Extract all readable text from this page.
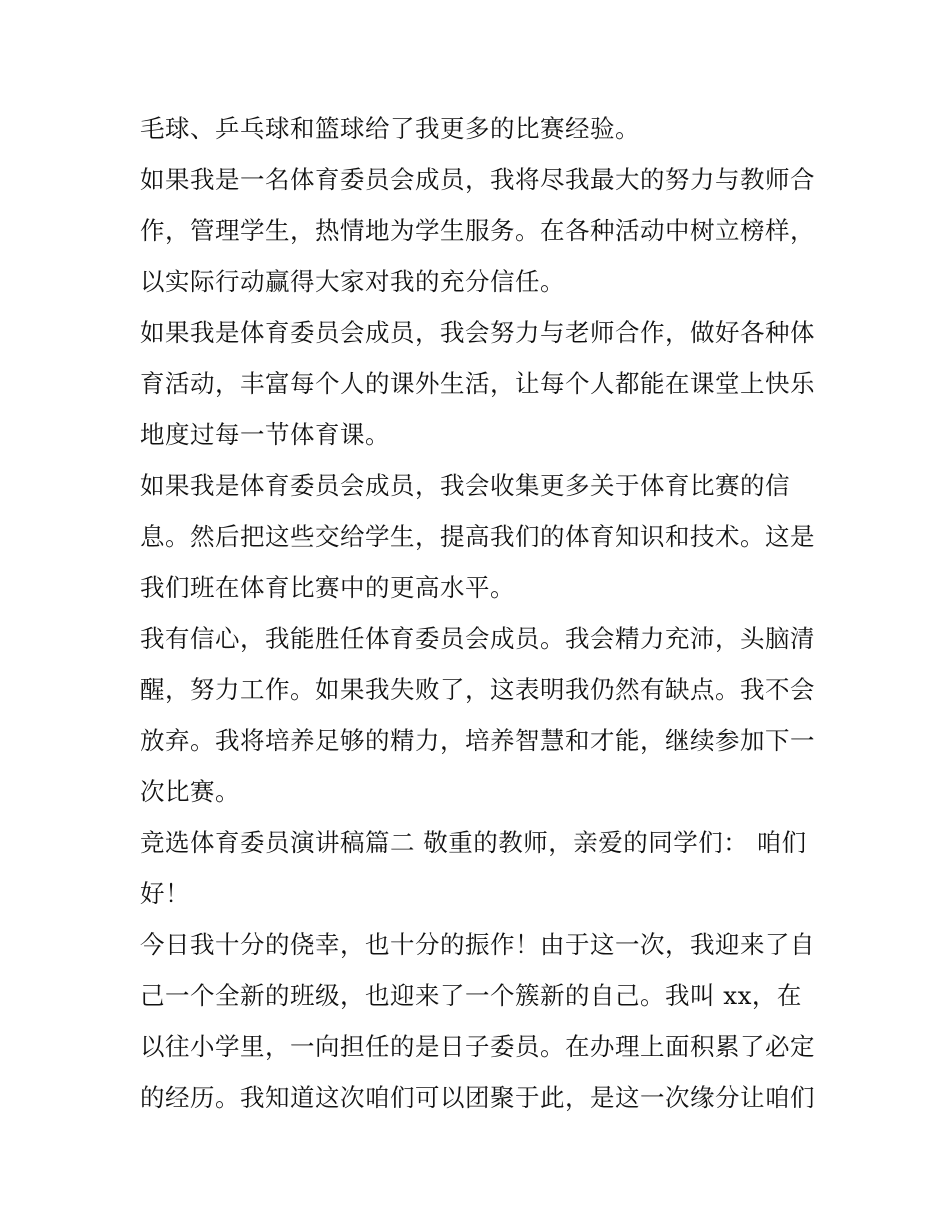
毛球、乒乓球和篮球给了我更多的比赛经验。
如果我是一名体育委员会成员，我将尽我最大的努力与教师合
作，管理学生，热情地为学生服务。在各种活动中树立榜样，
以实际行动赢得大家对我的充分信任。
如果我是体育委员会成员，我会努力与老师合作，做好各种体
育活动，丰富每个人的课外生活，让每个人都能在课堂上快乐
地度过每一节体育课。
如果我是体育委员会成员，我会收集更多关于体育比赛的信
息。然后把这些交给学生，提高我们的体育知识和技术。这是
我们班在体育比赛中的更高水平。
我有信心，我能胜任体育委员会成员。我会精力充沛，头脑清
醒，努力工作。如果我失败了，这表明我仍然有缺点。我不会
放弃。我将培养足够的精力，培养智慧和才能，继续参加下一
次比赛。
竞选体育委员演讲稿篇二 敬重的教师，亲爱的同学们： 咱们
好！
今日我十分的侥幸，也十分的振作！由于这一次，我迎来了自
己一个全新的班级，也迎来了一个簇新的自己。我叫 xx，在
以往小学里，一向担任的是日子委员。在办理上面积累了必定
的经历。我知道这次咱们可以团聚于此，是这一次缘分让咱们
